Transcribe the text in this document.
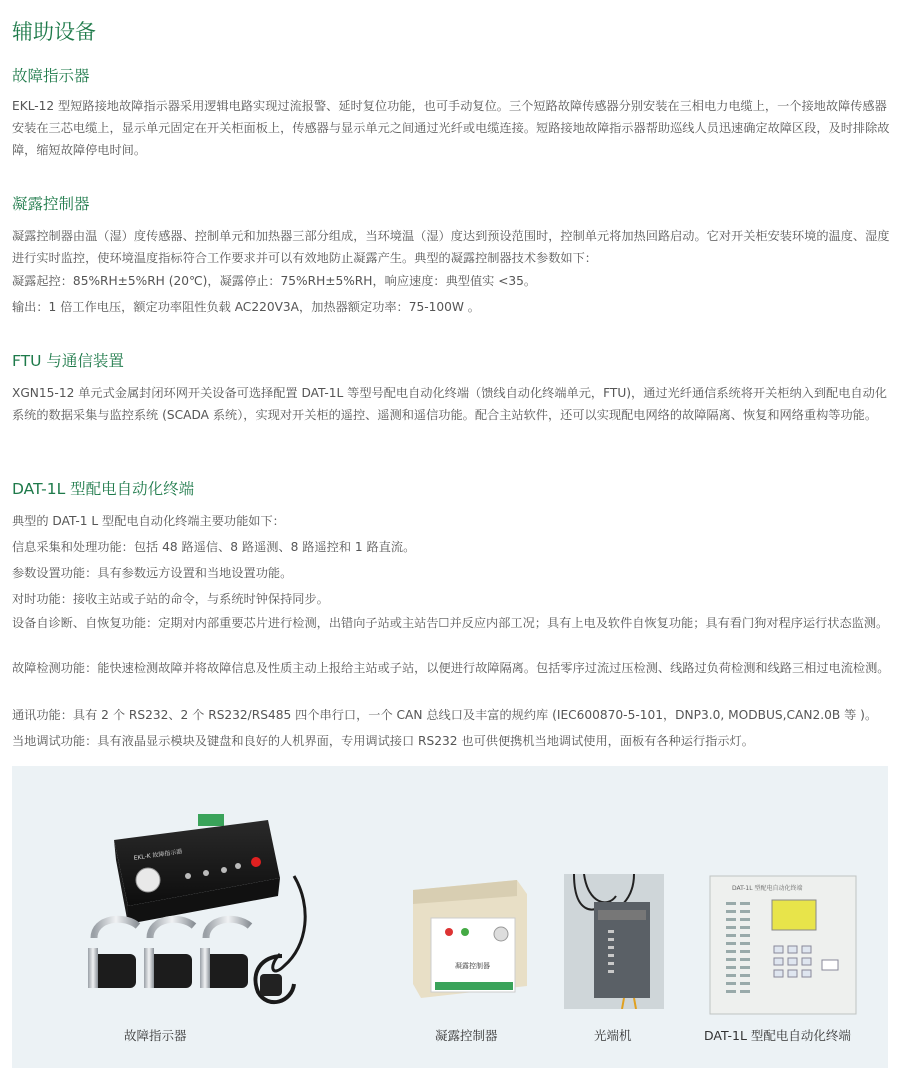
辅助设备
故障指示器

EKL-12 型短路接地故障指示器采用逻辑电路实现过流报警、延时复位功能，也可手动复位。三个短路故障传感器分别安装在三相电力电缆上，一个接地故障传感器安装在三芯电缆上，显示单元固定在开关柜面板上，传感器与显示单元之间通过光纤或电缆连接。短路接地故障指示器帮助巡线人员迅速确定故障区段，及时排除故障，缩短故障停电时间。

凝露控制器

凝露控制器由温（湿）度传感器、控制单元和加热器三部分组成，当环境温（湿）度达到预设范围时，控制单元将加热回路启动。它对开关柜安装环境的温度、湿度进行实时监控，使环境温度指标符合工作要求并可以有效地防止凝露产生。典型的凝露控制器技术参数如下：

凝露起控：85%RH±5%RH (20℃)，凝露停止：75%RH±5%RH，响应速度：典型值实 <35。

输出：1 倍工作电压，额定功率阻性负载 AC220V3A，加热器额定功率：75-100W 。

FTU 与通信装置

XGN15-12 单元式金属封闭环网开关设备可选择配置 DAT-1L 等型号配电自动化终端（馈线自动化终端单元，FTU)，通过光纤通信系统将开关柜纳入到配电自动化系统的数据采集与监控系统 (SCADA 系统），实现对开关柜的遥控、遥测和遥信功能。配合主站软件，还可以实现配电网络的故障隔离、恢复和网络重构等功能。

DAT-1L 型配电自动化终端

典型的 DAT-1 L 型配电自动化终端主要功能如下：

信息采集和处理功能：包括 48 路遥信、8 路遥测、8 路遥控和 1 路直流。

参数设置功能：具有参数远方设置和当地设置功能。

对时功能：接收主站或子站的命令，与系统时钟保持同步。

设备自诊断、自恢复功能：定期对内部重要芯片进行检测，出错向子站或主站告☐并反应内部工况；具有上电及软件自恢复功能；具有看门狗对程序运行状态监测。

故障检测功能：能快速检测故障并将故障信息及性质主动上报给主站或子站，以便进行故障隔离。包括零序过流过压检测、线路过负荷检测和线路三相过电流检测。

通讯功能：具有 2 个 RS232、2 个 RS232/RS485 四个串行口，一个 CAN 总线口及丰富的规约库 (IEC600870-5-101，DNP3.0, MODBUS,CAN2.0B 等 )。

当地调试功能：具有液晶显示模块及键盘和良好的人机界面，专用调试接口 RS232 也可供便携机当地调试使用，面板有各种运行指示灯。

EKL-K 故障指示器
凝露控制器
DAT-1L 型配电自动化终端
故障指示器	凝露控制器	光端机	DAT-1L 型配电自动化终端
